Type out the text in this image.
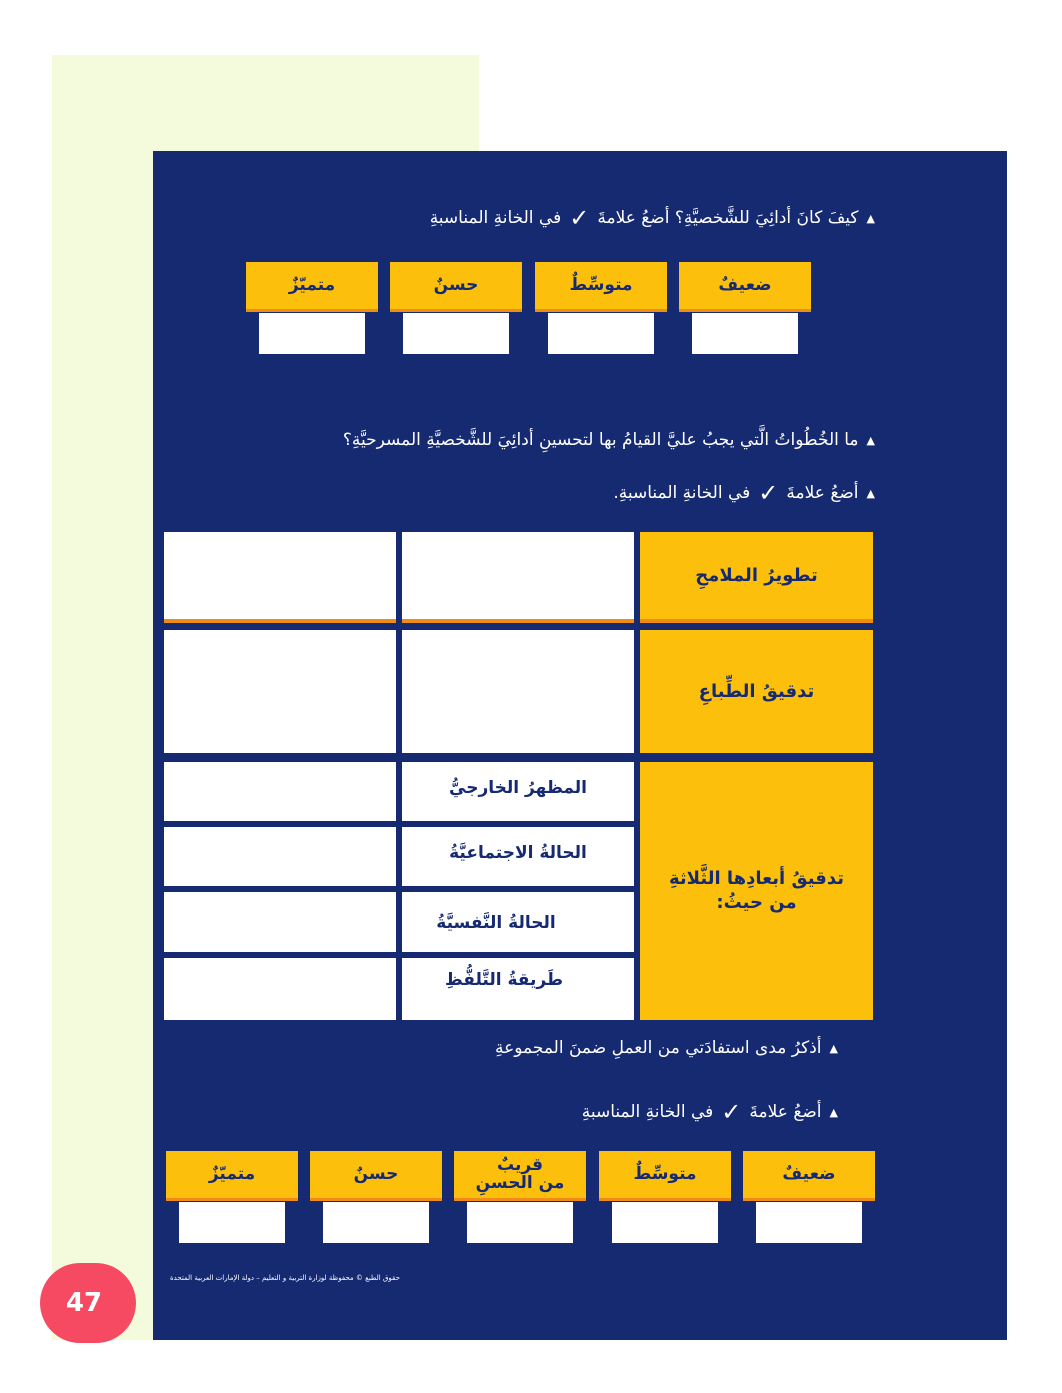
▲
كيفَ كانَ أدائِيَ للشَّخصيَّةِ؟ أضعُ علامةَ
✓
في الخانةِ المناسبةِ
ضعيفٌ
متوسِّطٌ
حسنٌ
متميّزٌ
▲
ما الخُطُواتُ الَّتي يجبُ عليَّ القيامُ بها لتحسينِ أدائِيَ للشَّخصيَّةِ المسرحيَّةِ؟
▲
أضعُ علامةَ
✓
في الخانةِ المناسبةِ.
تطويرُ الملامحِ
تدقيقُ الطِّباعِ
تدقيقُ أبعادِها الثَّلاثةِ
من حيثُ:
المظهرُ الخارجيُّ
الحالةُ الاجتماعيَّةُ
الحالةُ النَّفسيَّةُ
طَريقةُ التَّلفُّظِ
▲
أذكرُ مدى استفادَتي من العملِ ضمنَ المجموعةِ
▲
أضعُ علامةَ
✓
في الخانةِ المناسبةِ
ضعيفٌ
متوسِّطٌ
قريبٌ
من الحسنِ
حسنٌ
متميّزٌ
حقوق الطبع © محفوظة لوزارة التربية و التعليم – دولة الإمارات العربية المتحدة
47
